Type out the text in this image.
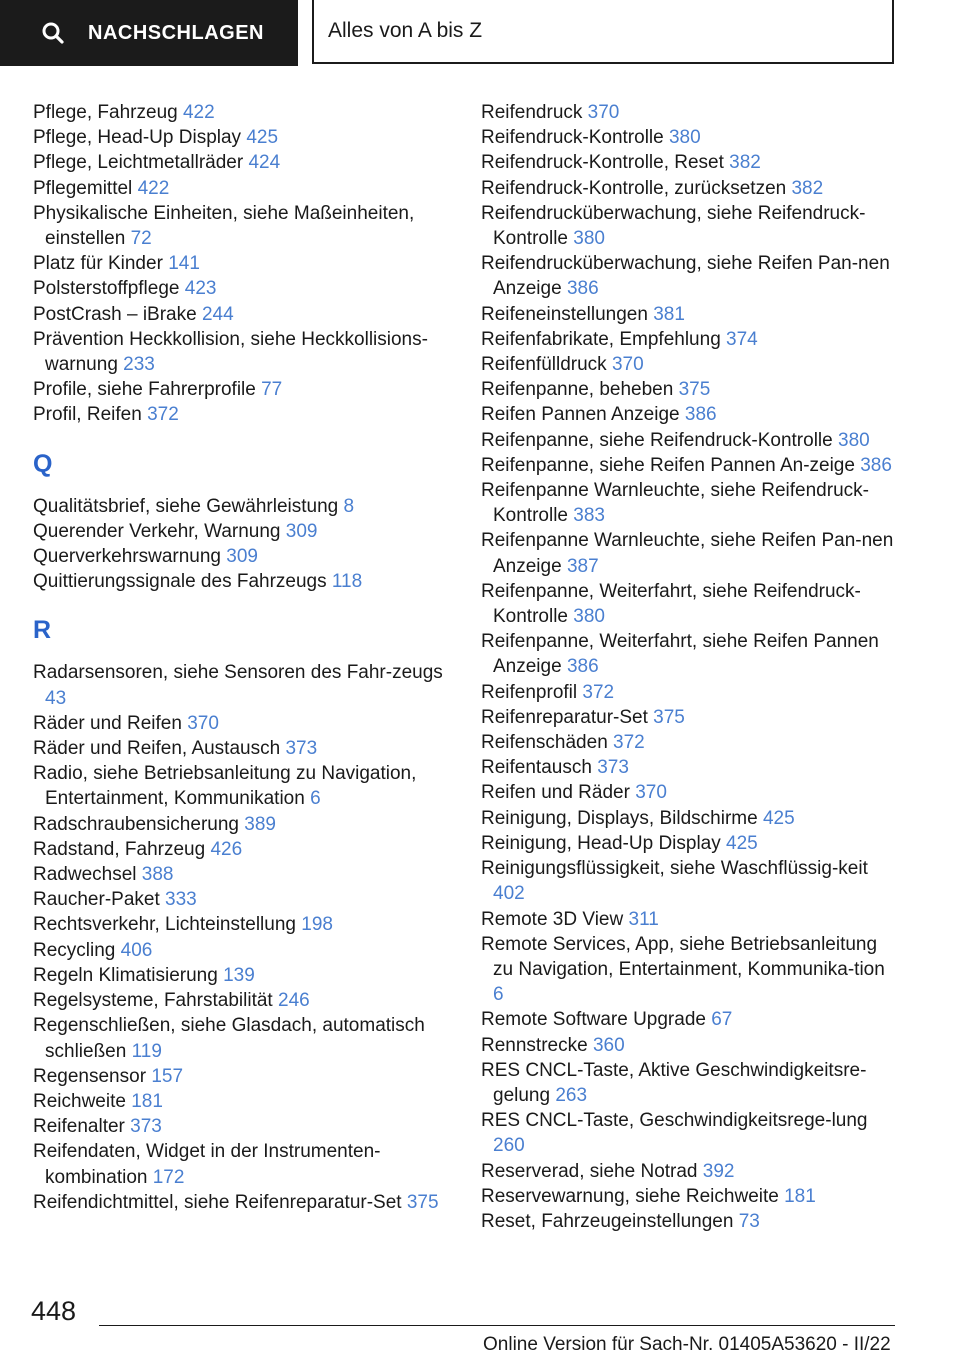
NACHSCHLAGEN	Alles von A bis Z
Pflege, Fahrzeug 422
Pflege, Head-Up Display 425
Pflege, Leichtmetallräder 424
Pflegemittel 422
Physikalische Einheiten, siehe Maßeinheiten, einstellen 72
Platz für Kinder 141
Polsterstoffpflege 423
PostCrash – iBrake 244
Prävention Heckkollision, siehe Heckkollisions-warnung 233
Profile, siehe Fahrerprofile 77
Profil, Reifen 372
Q
Qualitätsbrief, siehe Gewährleistung 8
Querender Verkehr, Warnung 309
Querverkehrswarnung 309
Quittierungssignale des Fahrzeugs 118
R
Radarsensoren, siehe Sensoren des Fahr-zeugs 43
Räder und Reifen 370
Räder und Reifen, Austausch 373
Radio, siehe Betriebsanleitung zu Navigation, Entertainment, Kommunikation 6
Radschraubensicherung 389
Radstand, Fahrzeug 426
Radwechsel 388
Raucher-Paket 333
Rechtsverkehr, Lichteinstellung 198
Recycling 406
Regeln Klimatisierung 139
Regelsysteme, Fahrstabilität 246
Regenschließen, siehe Glasdach, automatisch schließen 119
Regensensor 157
Reichweite 181
Reifenalter 373
Reifendaten, Widget in der Instrumenten-kombination 172
Reifendichtmittel, siehe Reifenreparatur-Set 375
Reifendruck 370
Reifendruck-Kontrolle 380
Reifendruck-Kontrolle, Reset 382
Reifendruck-Kontrolle, zurücksetzen 382
Reifendrucküberwachung, siehe Reifendruck-Kontrolle 380
Reifendrucküberwachung, siehe Reifen Pan-nen Anzeige 386
Reifeneinstellungen 381
Reifenfabrikate, Empfehlung 374
Reifenfülldruck 370
Reifenpanne, beheben 375
Reifen Pannen Anzeige 386
Reifenpanne, siehe Reifendruck-Kontrolle 380
Reifenpanne, siehe Reifen Pannen An-zeige 386
Reifenpanne Warnleuchte, siehe Reifendruck-Kontrolle 383
Reifenpanne Warnleuchte, siehe Reifen Pan-nen Anzeige 387
Reifenpanne, Weiterfahrt, siehe Reifendruck-Kontrolle 380
Reifenpanne, Weiterfahrt, siehe Reifen Pannen Anzeige 386
Reifenprofil 372
Reifenreparatur-Set 375
Reifenschäden 372
Reifentausch 373
Reifen und Räder 370
Reinigung, Displays, Bildschirme 425
Reinigung, Head-Up Display 425
Reinigungsflüssigkeit, siehe Waschflüssig-keit 402
Remote 3D View 311
Remote Services, App, siehe Betriebsanleitung zu Navigation, Entertainment, Kommunika-tion 6
Remote Software Upgrade 67
Rennstrecke 360
RES CNCL-Taste, Aktive Geschwindigkeitsre-gelung 263
RES CNCL-Taste, Geschwindigkeitsrege-lung 260
Reserverad, siehe Notrad 392
Reservewarnung, siehe Reichweite 181
Reset, Fahrzeugeinstellungen 73
448
Online Version für Sach-Nr. 01405A53620 - II/22
